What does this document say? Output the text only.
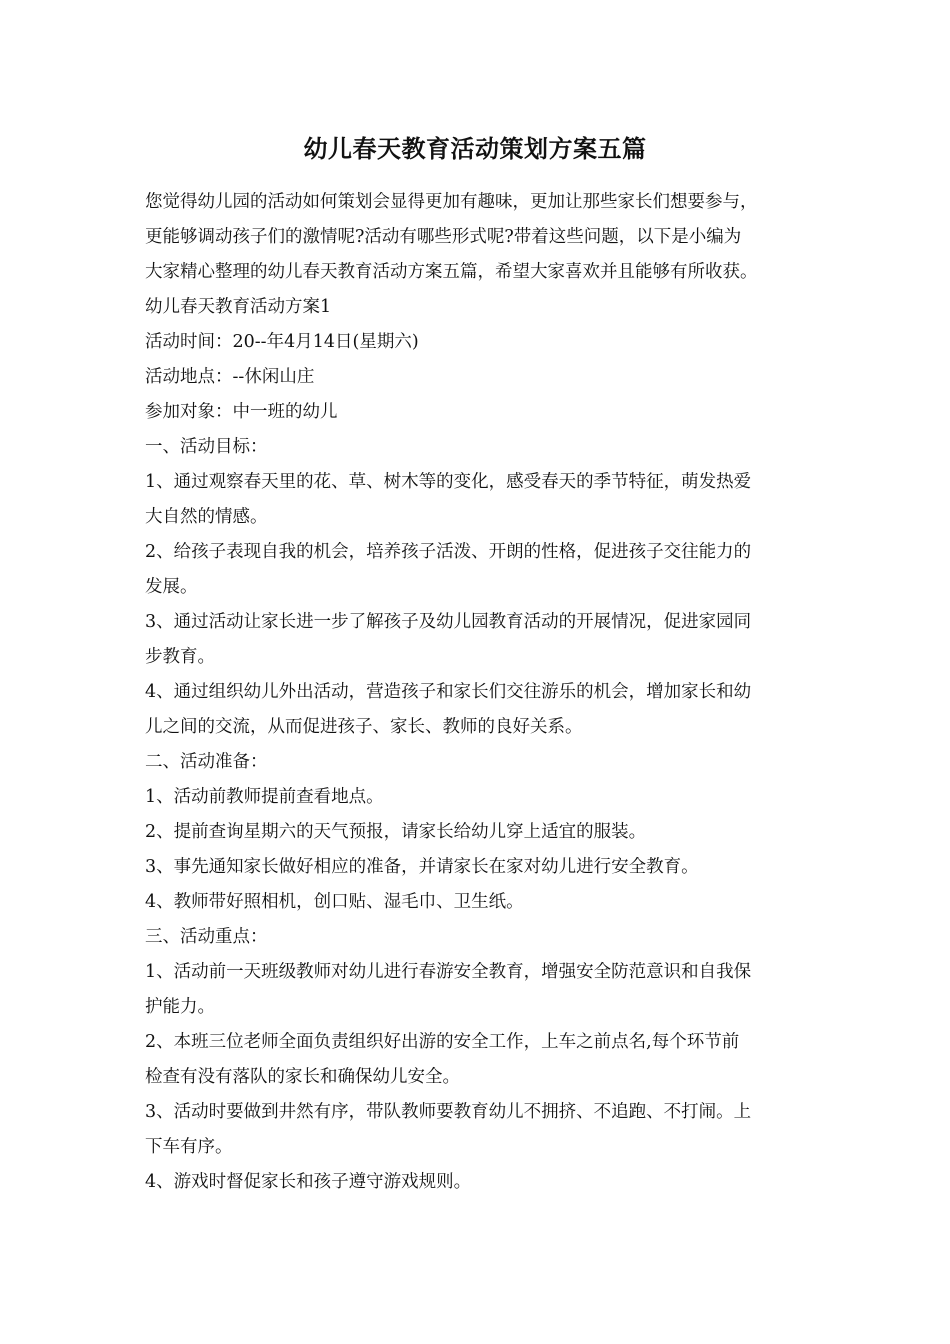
幼儿春天教育活动策划方案五篇

您觉得幼儿园的活动如何策划会显得更加有趣味，更加让那些家长们想要参与，

更能够调动孩子们的激情呢?活动有哪些形式呢?带着这些问题，以下是小编为

大家精心整理的幼儿春天教育活动方案五篇，希望大家喜欢并且能够有所收获。

幼儿春天教育活动方案1

活动时间：20--年4月14日(星期六)

活动地点：--休闲山庄

参加对象：中一班的幼儿

一、活动目标：

1、通过观察春天里的花、草、树木等的变化，感受春天的季节特征，萌发热爱

大自然的情感。

2、给孩子表现自我的机会，培养孩子活泼、开朗的性格，促进孩子交往能力的

发展。

3、通过活动让家长进一步了解孩子及幼儿园教育活动的开展情况，促进家园同

步教育。

4、通过组织幼儿外出活动，营造孩子和家长们交往游乐的机会，增加家长和幼

儿之间的交流，从而促进孩子、家长、教师的良好关系。

二、活动准备：

1、活动前教师提前查看地点。

2、提前查询星期六的天气预报，请家长给幼儿穿上适宜的服装。

3、事先通知家长做好相应的准备，并请家长在家对幼儿进行安全教育。

4、教师带好照相机，创口贴、湿毛巾、卫生纸。

三、活动重点：

1、活动前一天班级教师对幼儿进行春游安全教育，增强安全防范意识和自我保

护能力。

2、本班三位老师全面负责组织好出游的安全工作，上车之前点名,每个环节前

检查有没有落队的家长和确保幼儿安全。

3、活动时要做到井然有序，带队教师要教育幼儿不拥挤、不追跑、不打闹。上

下车有序。

4、游戏时督促家长和孩子遵守游戏规则。
